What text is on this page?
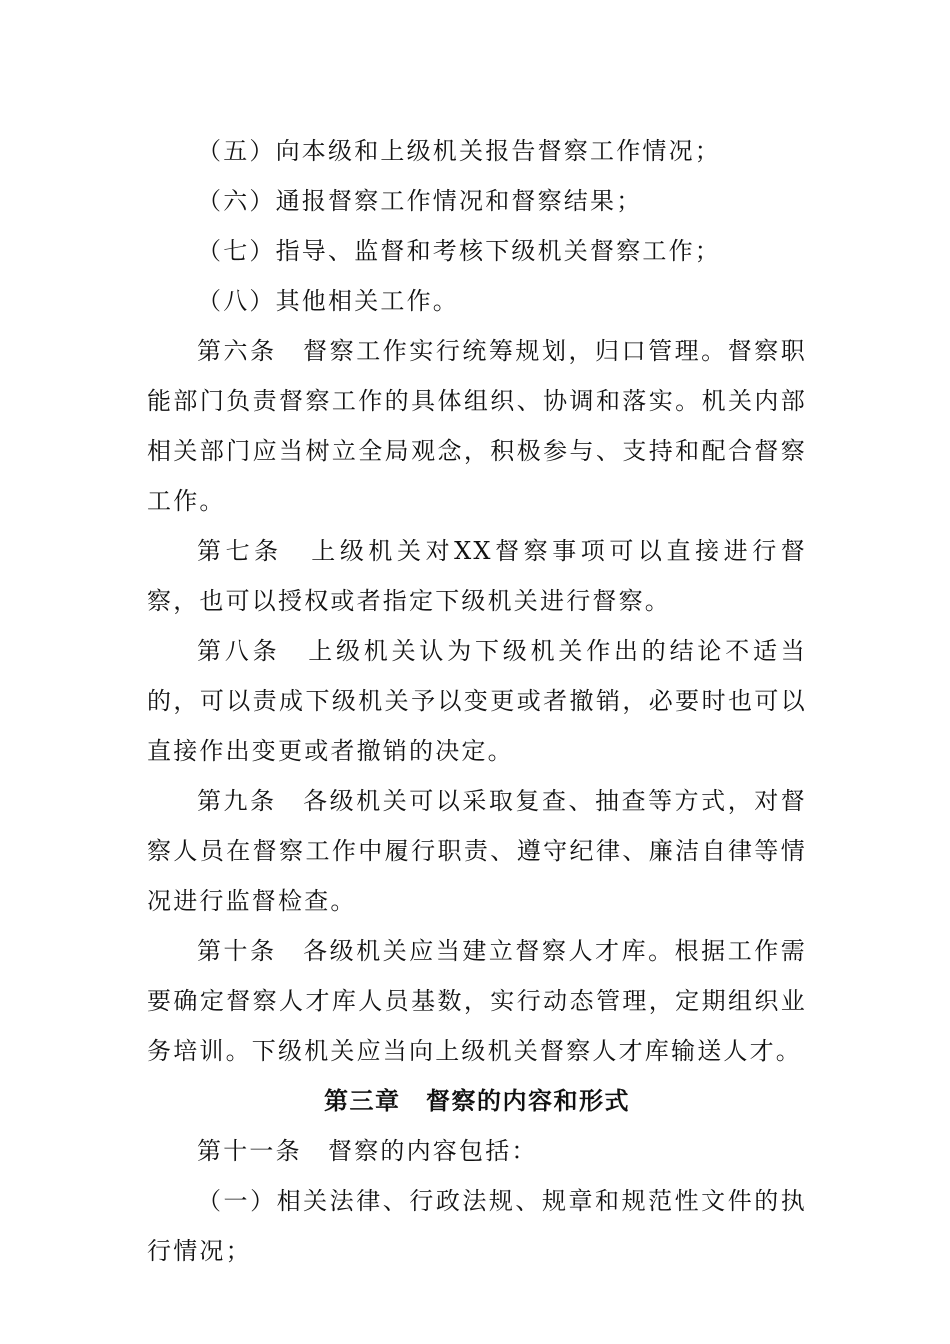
（五）向本级和上级机关报告督察工作情况；

（六）通报督察工作情况和督察结果；

（七）指导、监督和考核下级机关督察工作；

（八）其他相关工作。

第六条　督察工作实行统筹规划，归口管理。督察职能部门负责督察工作的具体组织、协调和落实。机关内部相关部门应当树立全局观念，积极参与、支持和配合督察工作。

第七条　上级机关对XX督察事项可以直接进行督察，也可以授权或者指定下级机关进行督察。

第八条　上级机关认为下级机关作出的结论不适当的，可以责成下级机关予以变更或者撤销，必要时也可以直接作出变更或者撤销的决定。

第九条　各级机关可以采取复查、抽查等方式，对督察人员在督察工作中履行职责、遵守纪律、廉洁自律等情况进行监督检查。

第十条　各级机关应当建立督察人才库。根据工作需要确定督察人才库人员基数，实行动态管理，定期组织业务培训。下级机关应当向上级机关督察人才库输送人才。

第三章　督察的内容和形式

第十一条　督察的内容包括：

（一）相关法律、行政法规、规章和规范性文件的执行情况；
